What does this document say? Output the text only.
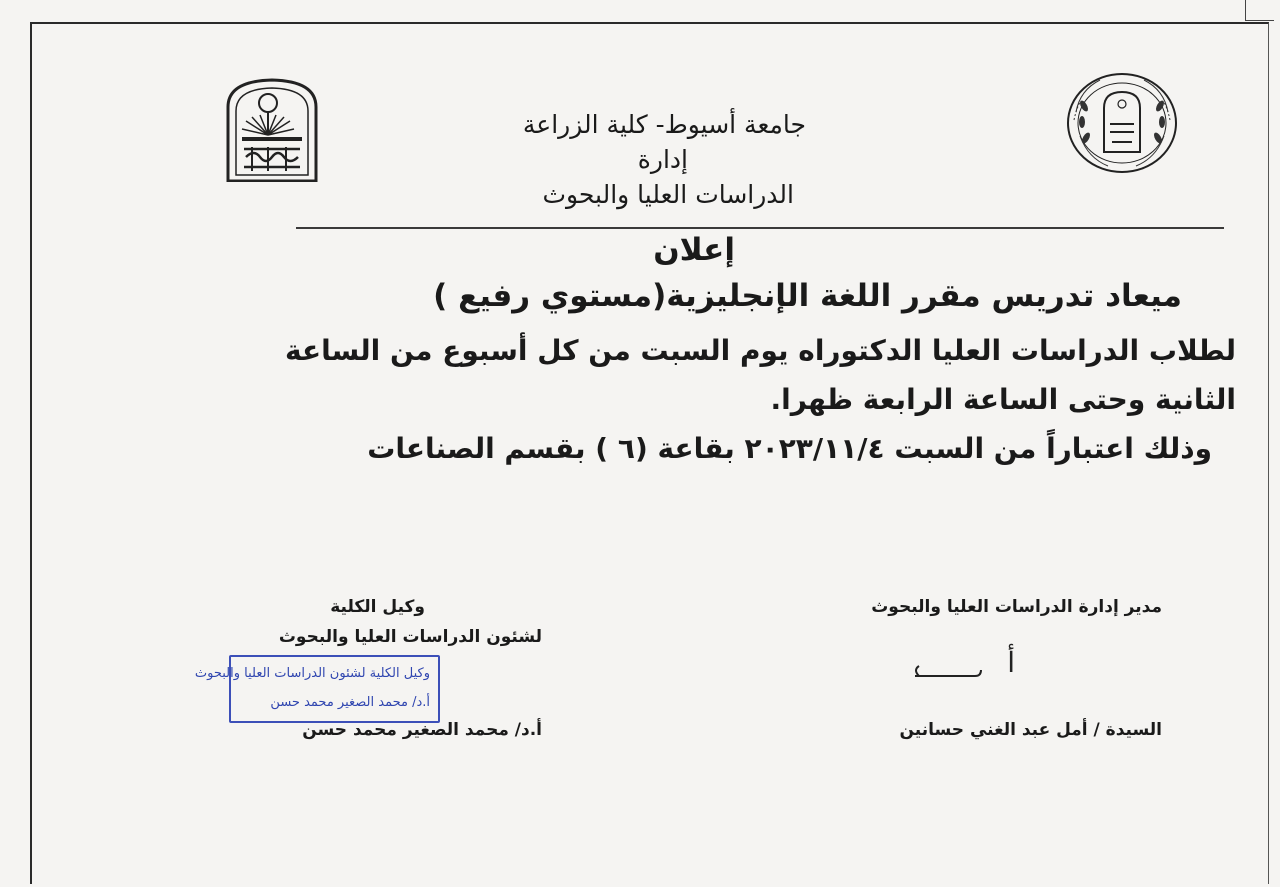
جامعة أسيوط- كلية الزراعة
إدارة
الدراسات العليا والبحوث
إعلان
ميعاد تدريس مقرر اللغة الإنجليزية(مستوي رفيع )
لطلاب الدراسات العليا الدكتوراه يوم السبت من كل أسبوع من الساعة
الثانية وحتى الساعة الرابعة ظهرا.
وذلك اعتباراً من السبت ٢٠٢٣/١١/٤ بقاعة (٦ ) بقسم الصناعات
مدير إدارة الدراسات العليا والبحوث
أ
السيدة / أمل عبد الغني حسانين
وكيل الكلية
لشئون الدراسات العليا والبحوث
وكيل الكلية لشئون الدراسات العليا والبحوث
أ.د/ محمد الصغير محمد حسن
أ.د/ محمد الصغير محمد حسن
